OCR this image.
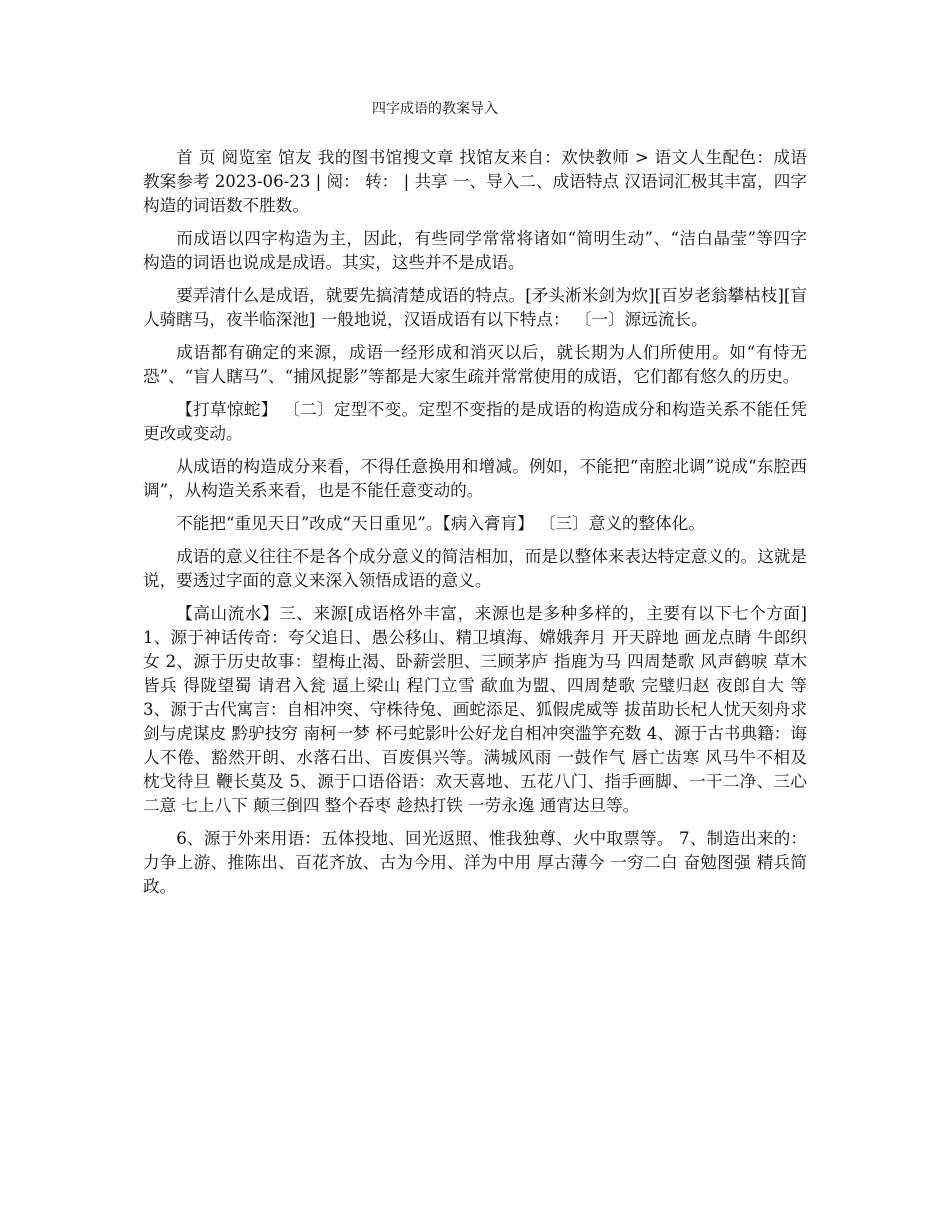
四字成语的教案导入

首 页 阅览室 馆友 我的图书馆搜文章 找馆友来自：欢快教师 > 语文人生配色：成语 教案参考 2023-06-23 | 阅： 转： | 共享 一、导入二、成语特点 汉语词汇极其丰富，四字构造的词语数不胜数。

而成语以四字构造为主，因此，有些同学常常将诸如“简明生动”、“洁白晶莹”等四字构造的词语也说成是成语。其实，这些并不是成语。

要弄清什么是成语，就要先搞清楚成语的特点。[矛头淅米剑为炊][百岁老翁攀枯枝][盲人骑瞎马，夜半临深池] 一般地说，汉语成语有以下特点： 〔一〕源远流长。

成语都有确定的来源，成语一经形成和消灭以后，就长期为人们所使用。如“有恃无恐”、“盲人瞎马”、“捕风捉影”等都是大家生疏并常常使用的成语，它们都有悠久的历史。

【打草惊蛇】 〔二〕定型不变。定型不变指的是成语的构造成分和构造关系不能任凭更改或变动。

从成语的构造成分来看，不得任意换用和增减。例如，不能把“南腔北调”说成“东腔西调”，从构造关系来看，也是不能任意变动的。

不能把“重见天日”改成“天日重见”。【病入膏肓】 〔三〕意义的整体化。

成语的意义往往不是各个成分意义的简洁相加，而是以整体来表达特定意义的。这就是说，要透过字面的意义来深入领悟成语的意义。

【高山流水】三、来源[成语格外丰富，来源也是多种多样的，主要有以下七个方面]1、源于神话传奇：夸父追日、愚公移山、精卫填海、嫦娥奔月 开天辟地 画龙点睛 牛郎织女 2、源于历史故事：望梅止渴、卧薪尝胆、三顾茅庐 指鹿为马 四周楚歌 风声鹤唳 草木皆兵 得陇望蜀 请君入瓮 逼上梁山 程门立雪 歃血为盟、四周楚歌 完璧归赵 夜郎自大 等 3、源于古代寓言：自相冲突、守株待兔、画蛇添足、狐假虎威等 拔苗助长杞人忧天刻舟求剑与虎谋皮 黔驴技穷 南柯一梦 杯弓蛇影叶公好龙自相冲突滥竽充数 4、源于古书典籍：诲人不倦、豁然开朗、水落石出、百废俱兴等。满城风雨 一鼓作气 唇亡齿寒 风马牛不相及 枕戈待旦 鞭长莫及 5、源于口语俗语：欢天喜地、五花八门、指手画脚、一干二净、三心二意 七上八下 颠三倒四 整个吞枣 趁热打铁 一劳永逸 通宵达旦等。

6、源于外来用语：五体投地、回光返照、惟我独尊、火中取票等。 7、制造出来的：力争上游、推陈出、百花齐放、古为今用、洋为中用 厚古薄今 一穷二白 奋勉图强 精兵简政。
